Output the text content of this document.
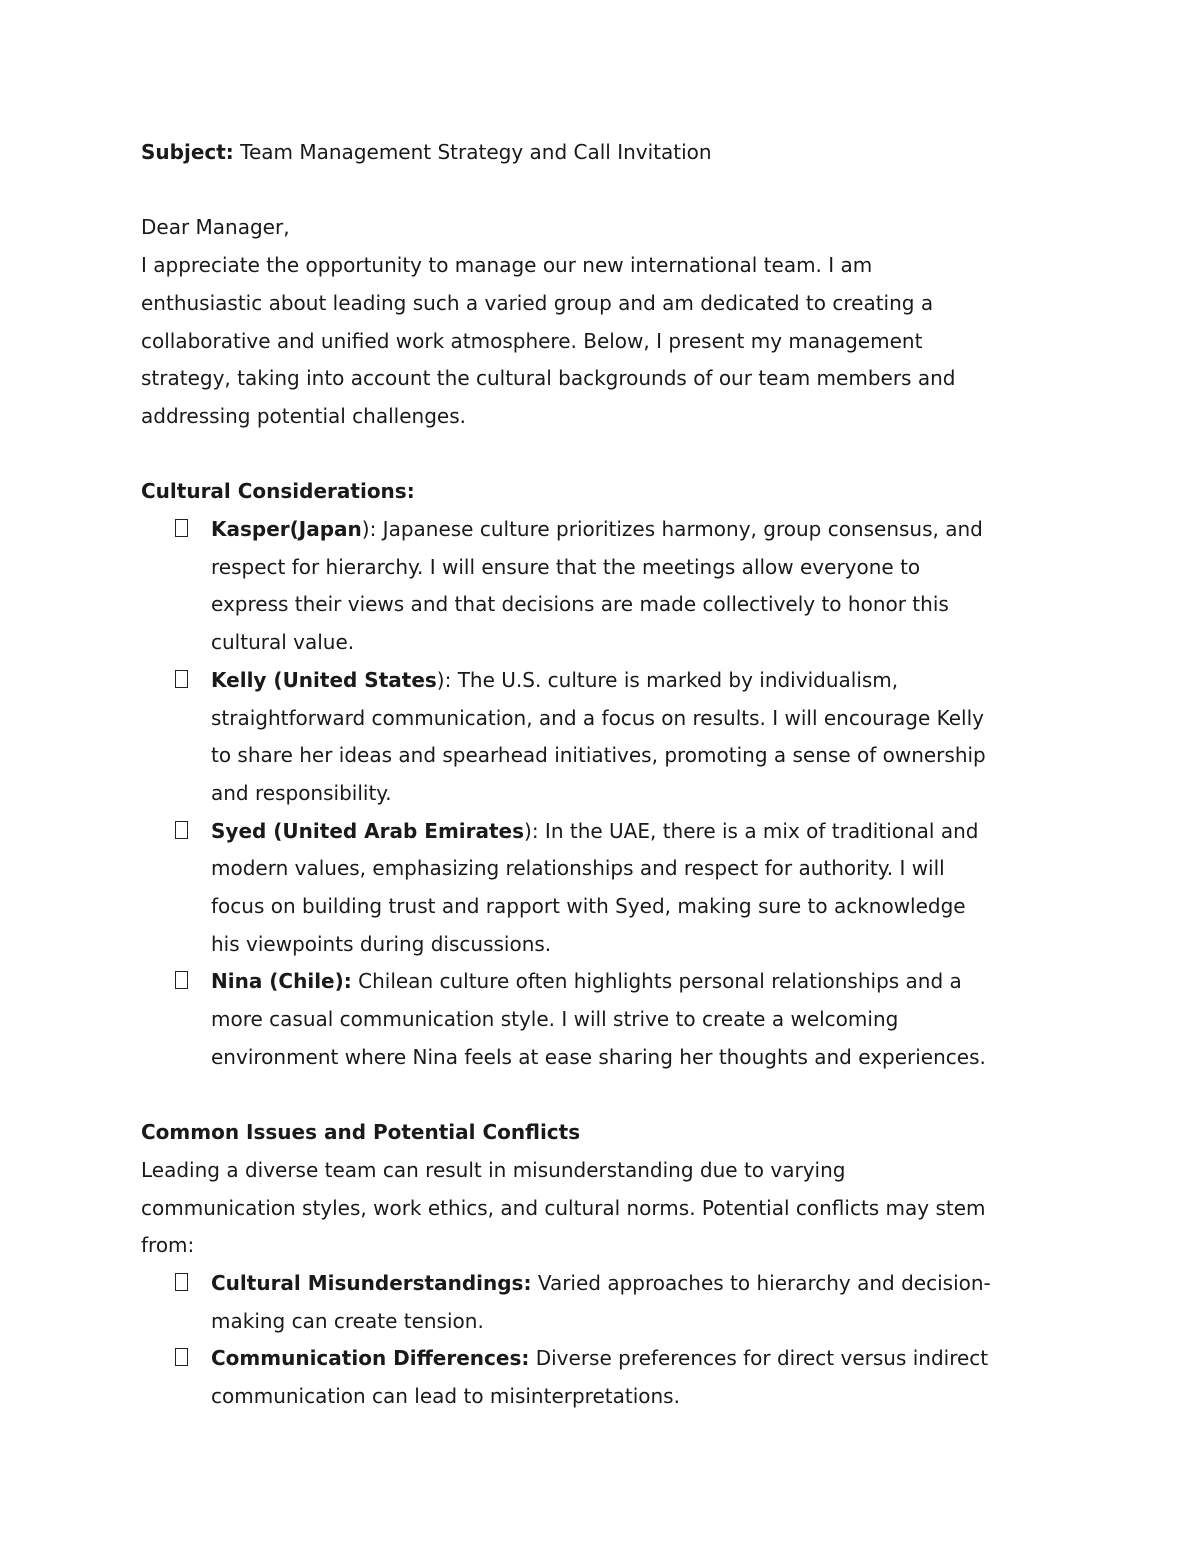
Subject: Team Management Strategy and Call Invitation
Dear Manager,
I appreciate the opportunity to manage our new international team. I am
enthusiastic about leading such a varied group and am dedicated to creating a
collaborative and unified work atmosphere. Below, I present my management
strategy, taking into account the cultural backgrounds of our team members and
addressing potential challenges.
Cultural Considerations:
Kasper(Japan): Japanese culture prioritizes harmony, group consensus, and
respect for hierarchy. I will ensure that the meetings allow everyone to
express their views and that decisions are made collectively to honor this
cultural value.
Kelly (United States): The U.S. culture is marked by individualism,
straightforward communication, and a focus on results. I will encourage Kelly
to share her ideas and spearhead initiatives, promoting a sense of ownership
and responsibility.
Syed (United Arab Emirates): In the UAE, there is a mix of traditional and
modern values, emphasizing relationships and respect for authority. I will
focus on building trust and rapport with Syed, making sure to acknowledge
his viewpoints during discussions.
Nina (Chile): Chilean culture often highlights personal relationships and a
more casual communication style. I will strive to create a welcoming
environment where Nina feels at ease sharing her thoughts and experiences.
Common Issues and Potential Conflicts
Leading a diverse team can result in misunderstanding due to varying
communication styles, work ethics, and cultural norms. Potential conflicts may stem
from:
Cultural Misunderstandings: Varied approaches to hierarchy and decision-
making can create tension.
Communication Differences: Diverse preferences for direct versus indirect
communication can lead to misinterpretations.
